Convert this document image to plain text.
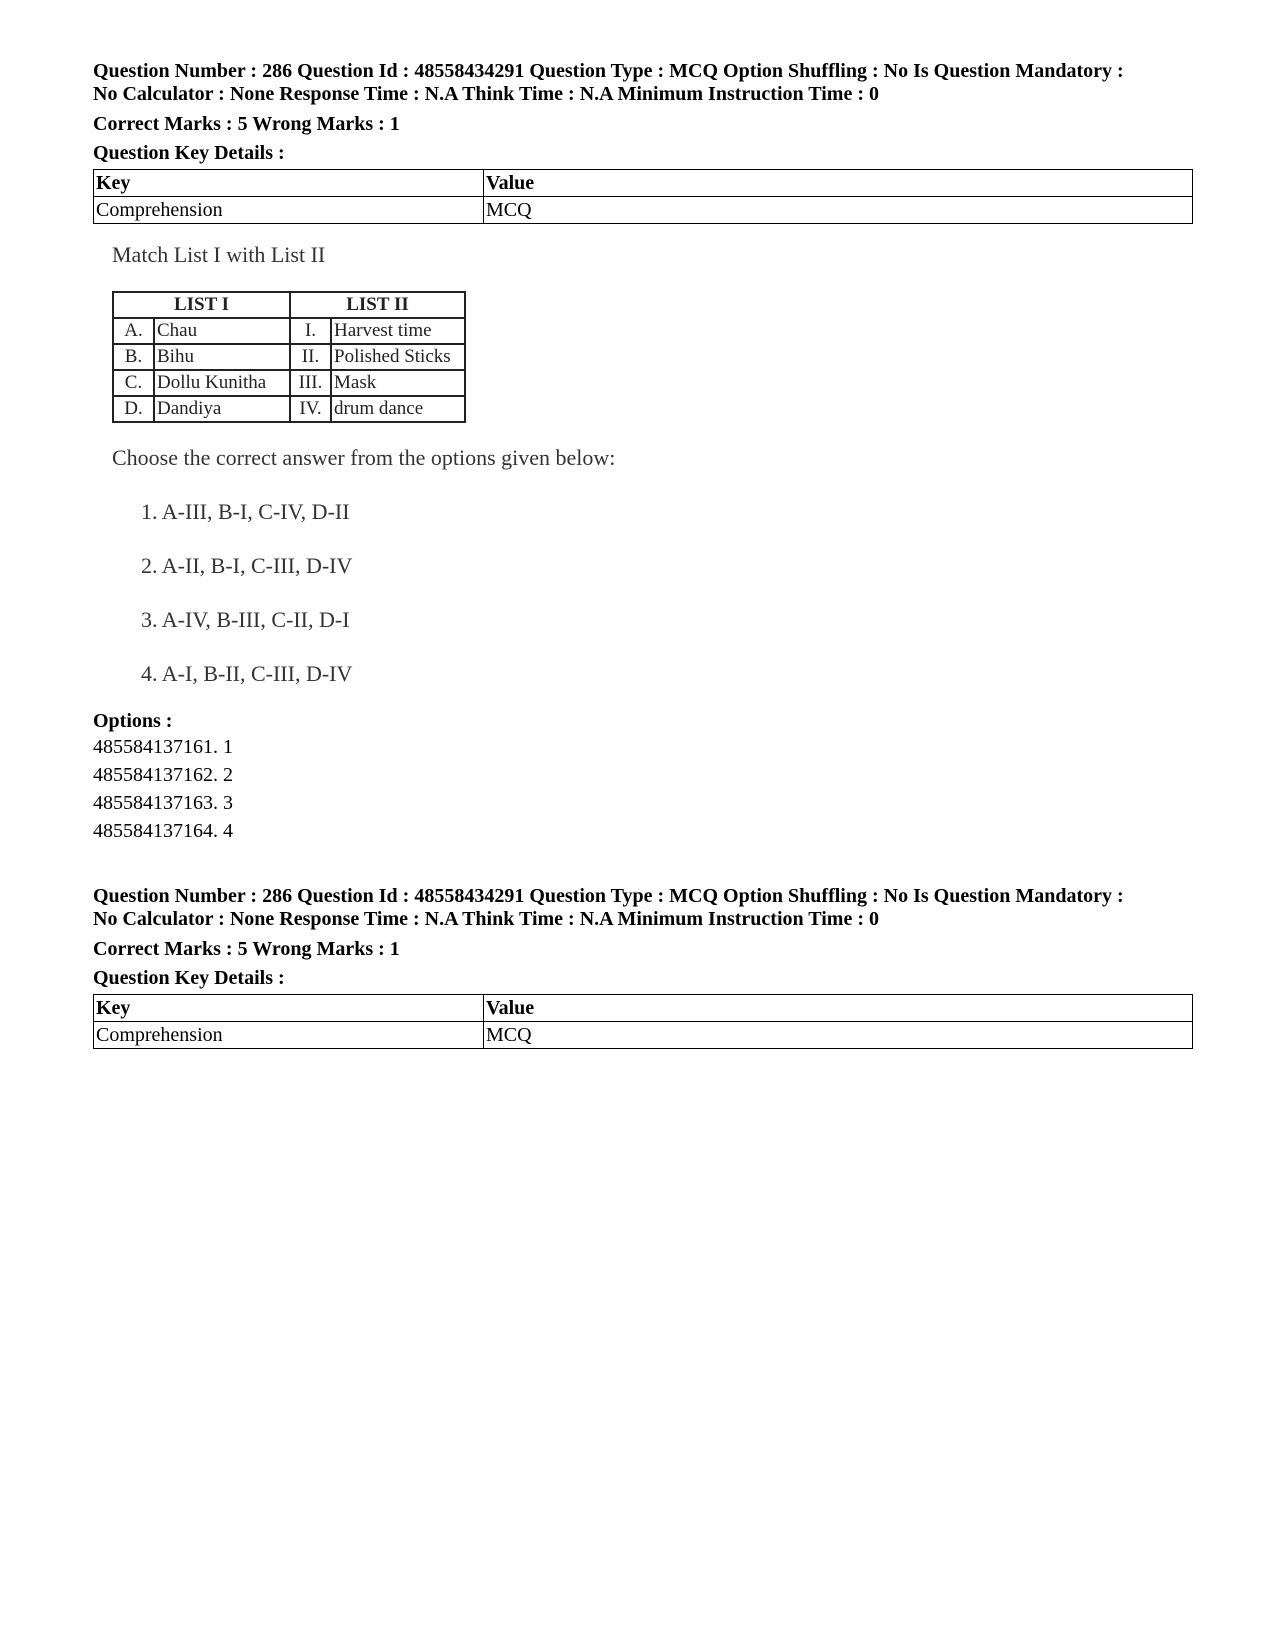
Question Number : 286 Question Id : 48558434291 Question Type : MCQ Option Shuffling : No Is Question Mandatory :

No Calculator : None Response Time : N.A Think Time : N.A Minimum Instruction Time : 0

Correct Marks : 5 Wrong Marks : 1
Question Key Details :
Key	Value
Comprehension	MCQ
Match List I with List II
LIST I		LIST II	
A.	Chau	I.	Harvest time
B.	Bihu	II.	Polished Sticks
C.	Dollu Kunitha	III.	Mask
D.	Dandiya	IV.	drum dance
Choose the correct answer from the options given below:
1. A-III, B-I, C-IV, D-II
2. A-II, B-I, C-III, D-IV
3. A-IV, B-III, C-II, D-I
4. A-I, B-II, C-III, D-IV
Options :
485584137161. 1
485584137162. 2
485584137163. 3
485584137164. 4

Question Number : 286 Question Id : 48558434291 Question Type : MCQ Option Shuffling : No Is Question Mandatory :

No Calculator : None Response Time : N.A Think Time : N.A Minimum Instruction Time : 0

Correct Marks : 5 Wrong Marks : 1
Question Key Details :
Key	Value
Comprehension	MCQ
